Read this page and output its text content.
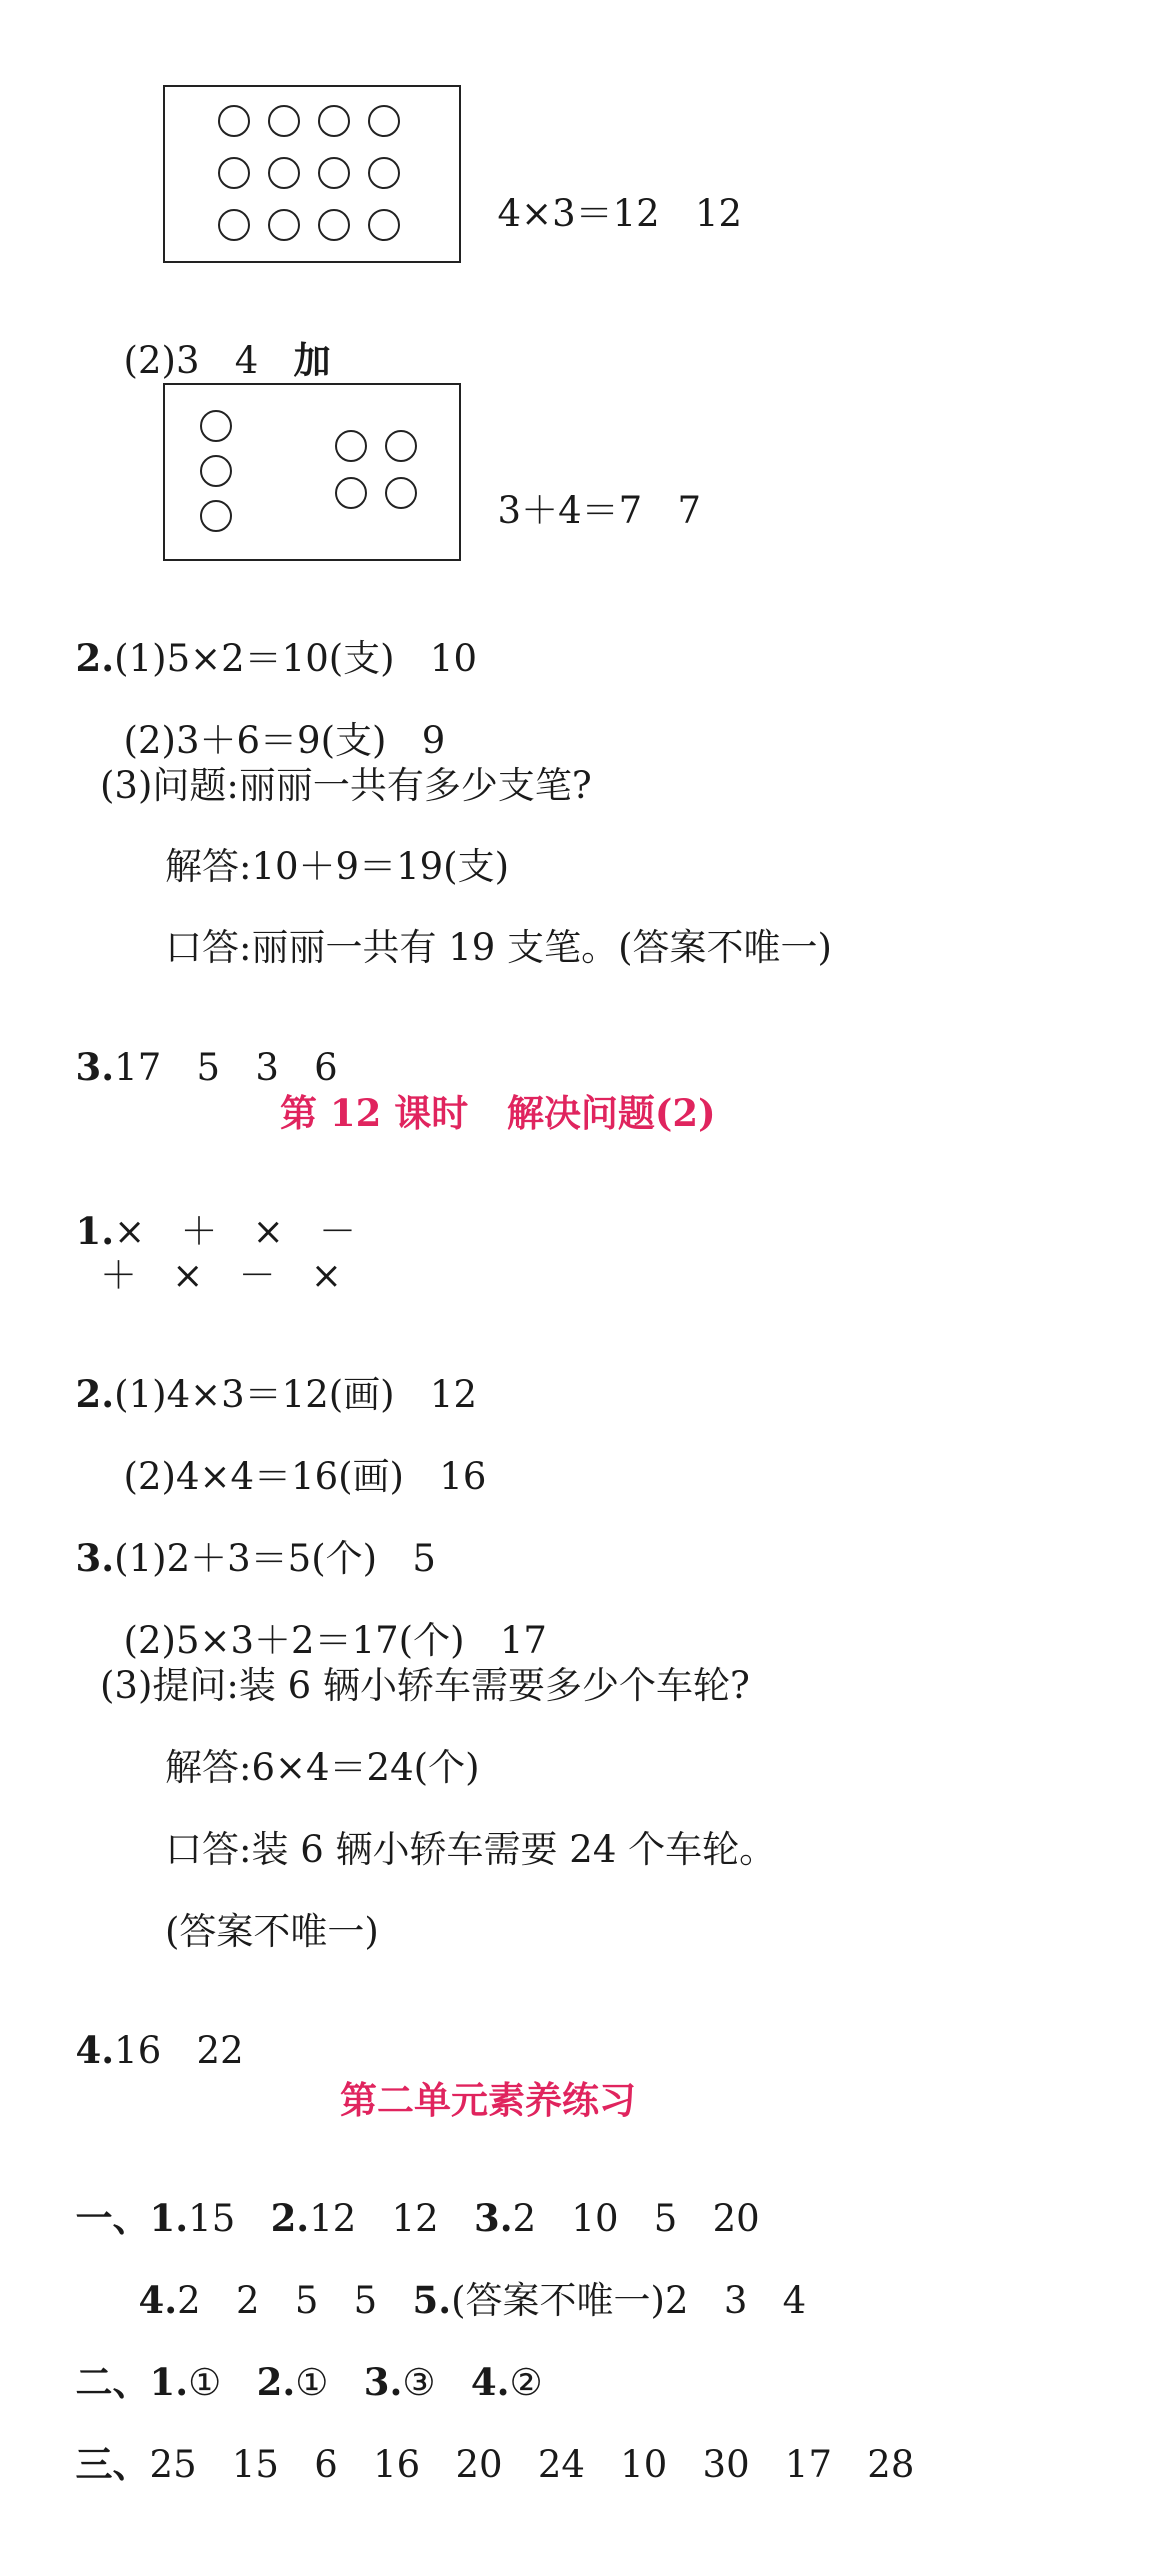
4×3＝12 12

(2)3 4 加

3＋4＝7 7

2.(1)5×2＝10(支) 10

(2)3＋6＝9(支) 9

(3)问题:丽丽一共有多少支笔?
解答:10＋9＝19(支)
口答:丽丽一共有 19 支笔。(答案不唯一)

3.17   5   3   6

第 12 课时   解决问题(2)

1.×   ＋   ×   －

＋   ×   －   ×

2.(1)4×3＝12(画) 12

(2)4×4＝16(画) 16

3.(1)2＋3＝5(个) 5

(2)5×3＋2＝17(个) 17

(3)提问:装 6 辆小轿车需要多少个车轮?
解答:6×4＝24(个)
口答:装 6 辆小轿车需要 24 个车轮。
(答案不唯一)

4.16   22

第二单元素养练习

一、1.15 2.12   12 3.2   10   5   20

4.2   2   5   5 5.(答案不唯一)2   3   4

二、1.① 2.① 3.③ 4.②

三、25   15   6   16   20   24   10   30   17   28
